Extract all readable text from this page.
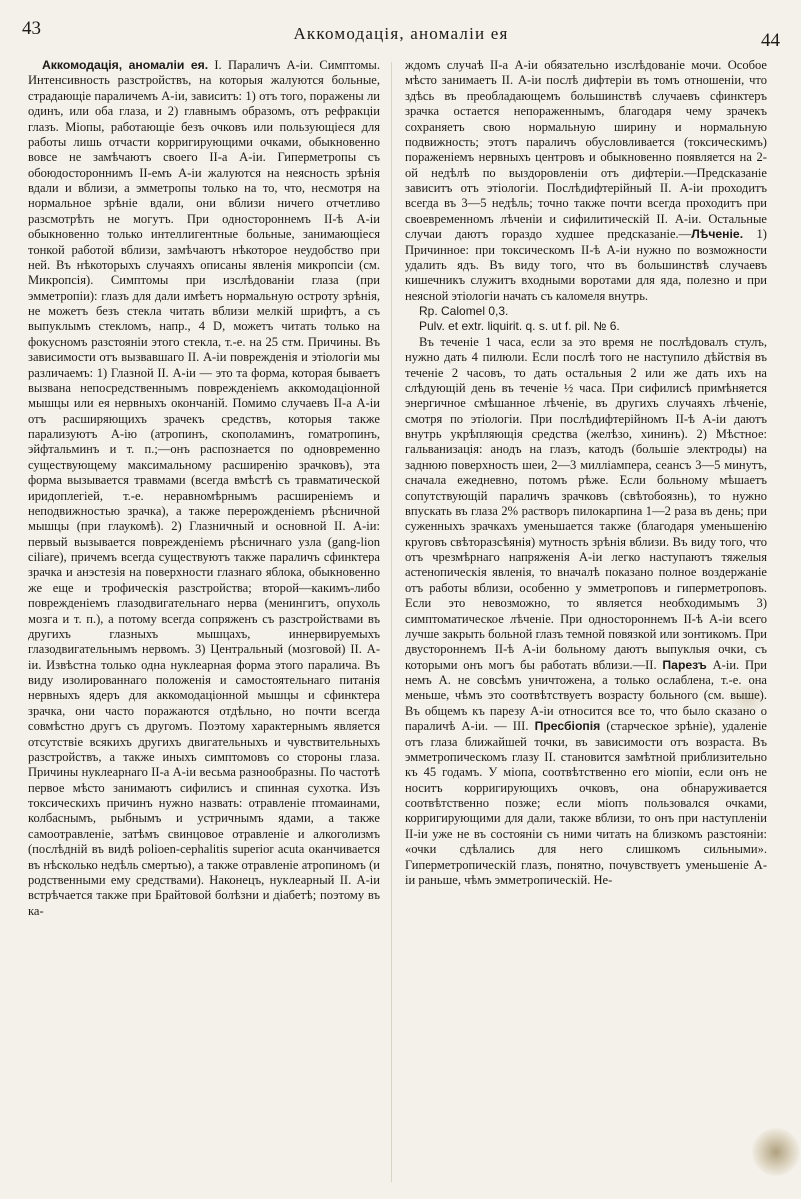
43	Аккомодація, аномаліи ея	44

Аккомодація, аномаліи ея. I. Параличъ А-іи. Симптомы. Интенсивность разстройствъ, на которыя жалуются больные, страдающіе параличемъ А-іи, зависитъ: 1) отъ того, поражены ли одинъ, или оба глаза, и 2) главнымъ образомъ, отъ рефракціи глазъ. Міопы, работающіе безъ очковъ или пользующіеся для работы лишь отчасти корригирующими очками, обыкновенно вовсе не замѣчаютъ своего II-а А-іи. Гиперметропы съ обоюдостороннимъ II-емъ А-іи жалуются на неясность зрѣнія вдали и вблизи, а эмметропы только на то, что, несмотря на нормальное зрѣніе вдали, они вблизи ничего отчетливо разсмотрѣть не могутъ. При одностороннемъ II-ѣ А-іи обыкновенно только интеллигентные больные, занимающіеся тонкой работой вблизи, замѣчаютъ нѣкоторое неудобство при ней. Въ нѣкоторыхъ случаяхъ описаны явленія микропсіи (см. Микропсія). Симптомы при изслѣдованіи глаза (при эмметропіи): глазъ для дали имѣетъ нормальную остроту зрѣнія, не можетъ безъ стекла читать вблизи мелкій шрифтъ, а съ выпуклымъ стекломъ, напр., 4 D, можетъ читать только на фокусномъ разстояніи этого стекла, т.-е. на 25 стм. Причины. Въ зависимости отъ вызвавшаго II. А-іи поврежденія и этіологіи мы различаемъ: 1) Глазной II. А-іи — это та форма, которая бываетъ вызвана непосредственнымъ поврежденіемъ аккомодаціонной мышцы или ея нервныхъ окончаній. Помимо случаевъ II-а А-іи отъ расширяющихъ зрачекъ средствъ, которыя также парализуютъ А-ію (атропинъ, скополаминъ, гоматропинъ, эйфтальминъ и т. п.;—онъ распознается по одновременно существующему максимальному расширенію зрачковъ), эта форма вызывается травмами (всегда вмѣстѣ съ травматической иридоплегіей, т.-е. неравномѣрнымъ расширеніемъ и неподвижностью зрачка), а также перерожденіемъ рѣсничной мышцы (при глаукомѣ). 2) Глазничный и основной II. А-іи: первый вызывается поврежденіемъ рѣсничнаго узла (gang-lion ciliare), причемъ всегда существуютъ также параличъ сфинктера зрачка и анэстезія на поверхности глазнаго яблока, обыкновенно же еще и трофическія разстройства; второй—какимъ-либо поврежденіемъ глазодвигательнаго нерва (менингитъ, опухоль мозга и т. п.), а потому всегда сопряженъ съ разстройствами въ другихъ глазныхъ мышцахъ, иннервируемыхъ глазодвигательнымъ нервомъ. 3) Центральный (мозговой) II. А-іи. Извѣстна только одна нуклеарная форма этого паралича. Въ виду изолированнаго положенія и самостоятельнаго питанія нервныхъ ядеръ для аккомодаціонной мышцы и сфинктера зрачка, они часто поражаются отдѣльно, но почти всегда совмѣстно другъ съ другомъ. Поэтому характернымъ является отсутствіе всякихъ другихъ двигательныхъ и чувствительныхъ разстройствъ, а также иныхъ симптомовъ со стороны глаза. Причины нуклеарнаго II-а А-іи весьма разнообразны. По частотѣ первое мѣсто занимаютъ сифилисъ и спинная сухотка. Изъ токсическихъ причинъ нужно назвать: отравленіе птомаинами, колбаснымъ, рыбнымъ и устричнымъ ядами, а также самоотравленіе, затѣмъ свинцовое отравленіе и алкоголизмъ (послѣдній въ видѣ polioen-cephalitis superior acuta оканчивается въ нѣсколько недѣль смертью), а также отравленіе атропиномъ (и родственными ему средствами). Наконецъ, нуклеарный II. А-іи встрѣчается также при Брайтовой болѣзни и діабетѣ; поэтому въ ка-

ждомъ случаѣ II-а А-іи обязательно изслѣдованіе мочи. Особое мѣсто занимаетъ II. А-іи послѣ дифтеріи въ томъ отношеніи, что здѣсь въ преобладающемъ большинствѣ случаевъ сфинктеръ зрачка остается непораженнымъ, благодаря чему зрачекъ сохраняетъ свою нормальную ширину и нормальную подвижность; этотъ параличъ обусловливается (токсическимъ) пораженіемъ нервныхъ центровъ и обыкновенно появляется на 2-ой недѣлѣ по выздоровленіи отъ дифтеріи.—Предсказаніе зависитъ отъ этіологіи. Послѣдифтерійный II. А-іи проходитъ всегда въ 3—5 недѣль; точно также почти всегда проходитъ при своевременномъ лѣченіи и сифилитическій II. А-іи. Остальные случаи даютъ гораздо худшее предсказаніе.—Лѣченіе. 1) Причинное: при токсическомъ II-ѣ А-іи нужно по возможности удалить ядъ. Въ виду того, что въ большинствѣ случаевъ кишечникъ служитъ входными воротами для яда, полезно и при неясной этіологіи начать съ каломеля внутрь.

Rp. Calomel 0,3.

Pulv. et extr. liquirit. q. s. ut f. pil. № 6.

Въ теченіе 1 часа, если за это время не послѣдовалъ стулъ, нужно дать 4 пилюли. Если послѣ того не наступило дѣйствія въ теченіе 2 часовъ, то дать остальныя 2 или же дать ихъ на слѣдующій день въ теченіе ½ часа. При сифилисѣ примѣняется энергичное смѣшанное лѣченіе, въ другихъ случаяхъ лѣченіе, смотря по этіологіи. При послѣдифтерійномъ II-ѣ А-іи даютъ внутрь укрѣпляющія средства (желѣзо, хининъ). 2) Мѣстное: гальванизація: анодъ на глазъ, катодъ (большіе электроды) на заднюю поверхность шеи, 2—3 милліампера, сеансъ 3—5 минутъ, сначала ежедневно, потомъ рѣже. Если больному мѣшаетъ сопутствующій параличъ зрачковъ (свѣтобоязнь), то нужно впускать въ глаза 2% растворъ пилокарпина 1—2 раза въ день; при суженныхъ зрачкахъ уменьшается также (благодаря уменьшенію круговъ свѣторазсѣянія) мутность зрѣнія вблизи. Въ виду того, что отъ чрезмѣрнаго напряженія А-іи легко наступаютъ тяжелыя астенопическія явленія, то вначалѣ показано полное воздержаніе отъ работы вблизи, особенно у эмметроповъ и гиперметроповъ. Если это невозможно, то является необходимымъ 3) симптоматическое лѣченіе. При одностороннемъ II-ѣ А-іи всего лучше закрыть больной глазъ темной повязкой или зонтикомъ. При двустороннемъ II-ѣ А-іи больному даютъ выпуклыя очки, съ которыми онъ могъ бы работать вблизи.—II. Парезъ А-іи. При немъ А. не совсѣмъ уничтожена, а только ослаблена, т.-е. она меньше, чѣмъ это соотвѣтствуетъ возрасту больного (см. выше). Въ общемъ къ парезу А-іи относится все то, что было сказано о параличѣ А-іи. — III. Пресбіопія (старческое зрѣніе), удаленіе отъ глаза ближайшей точки, въ зависимости отъ возраста. Въ эмметропическомъ глазу II. становится замѣтной приблизительно къ 45 годамъ. У міопа, соотвѣтственно его міопіи, если онъ не носитъ корригирующихъ очковъ, она обнаруживается соотвѣтственно позже; если міопъ пользовался очками, корригирующими для дали, также вблизи, то онъ при наступленіи II-іи уже не въ состояніи съ ними читать на близкомъ разстояніи: «очки сдѣлались для него слишкомъ сильными». Гиперметропическій глазъ, понятно, почувствуетъ уменьшеніе А-іи раньше, чѣмъ эмметропическій. Не-
